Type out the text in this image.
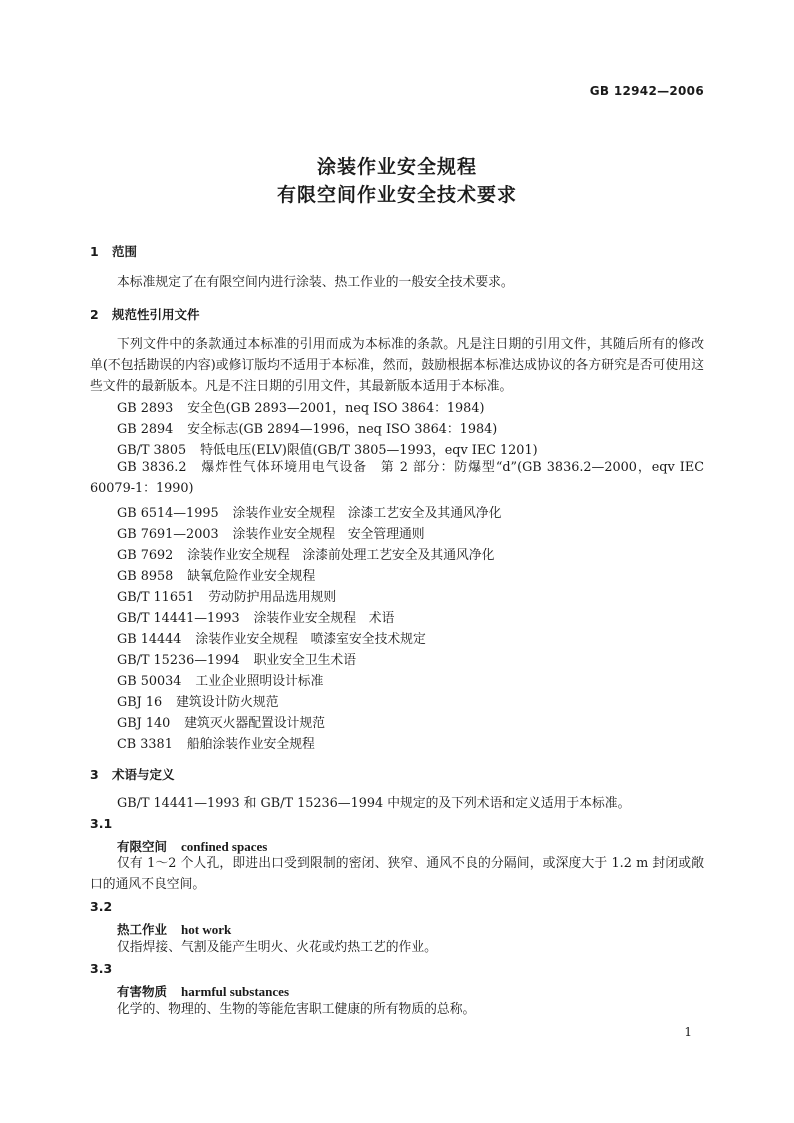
GB 12942—2006
涂装作业安全规程
有限空间作业安全技术要求
1 范围
本标准规定了在有限空间内进行涂装、热工作业的一般安全技术要求。
2 规范性引用文件
下列文件中的条款通过本标准的引用而成为本标准的条款。凡是注日期的引用文件，其随后所有的修改单(不包括勘误的内容)或修订版均不适用于本标准，然而，鼓励根据本标准达成协议的各方研究是否可使用这些文件的最新版本。凡是不注日期的引用文件，其最新版本适用于本标准。
GB 2893 安全色(GB 2893—2001，neq ISO 3864：1984)
GB 2894 安全标志(GB 2894—1996，neq ISO 3864：1984)
GB/T 3805 特低电压(ELV)限值(GB/T 3805—1993，eqv IEC 1201)
GB 3836.2 爆炸性气体环境用电气设备　第 2 部分：防爆型“d”(GB 3836.2—2000，eqv IEC 60079-1：1990)
GB 6514—1995 涂装作业安全规程　涂漆工艺安全及其通风净化
GB 7691—2003 涂装作业安全规程　安全管理通则
GB 7692 涂装作业安全规程　涂漆前处理工艺安全及其通风净化
GB 8958 缺氧危险作业安全规程
GB/T 11651 劳动防护用品选用规则
GB/T 14441—1993 涂装作业安全规程　术语
GB 14444 涂装作业安全规程　喷漆室安全技术规定
GB/T 15236—1994 职业安全卫生术语
GB 50034 工业企业照明设计标准
GBJ 16 建筑设计防火规范
GBJ 140 建筑灭火器配置设计规范
CB 3381 船舶涂装作业安全规程
3 术语与定义
GB/T 14441—1993 和 GB/T 15236—1994 中规定的及下列术语和定义适用于本标准。
3.1
有限空间 confined spaces
仅有 1～2 个人孔，即进出口受到限制的密闭、狭窄、通风不良的分隔间，或深度大于 1.2 m 封闭或敞口的通风不良空间。
3.2
热工作业 hot work
仅指焊接、气割及能产生明火、火花或灼热工艺的作业。
3.3
有害物质 harmful substances
化学的、物理的、生物的等能危害职工健康的所有物质的总称。
1
